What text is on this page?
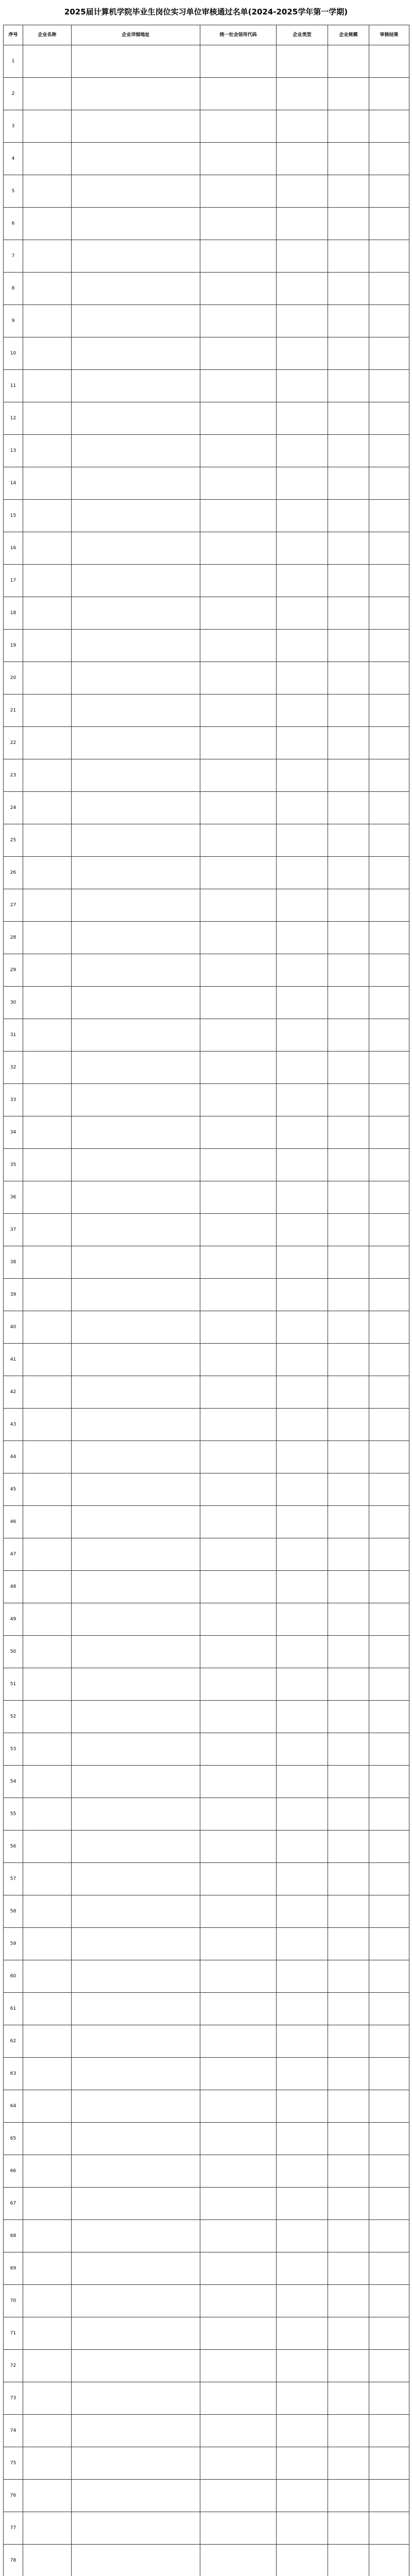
2025届计算机学院毕业生岗位实习单位审核通过名单(2024-2025学年第一学期)
序号	企业名称	企业详细地址	统一社会信用代码	企业类型	企业规模	审核结果
1						
2						
3						
4						
5						
6						
7						
8						
9						
10						
11						
12						
13						
14						
15						
16						
17						
18						
19						
20						
21						
22						
23						
24						
25						
26						
27						
28						
29						
30						
31						
32						
33						
34						
35						
36						
37						
38						
39						
40						
41						
42						
43						
44						
45						
46						
47						
48						
49						
50						
51						
52						
53						
54						
55						
56						
57						
58						
59						
60						
61						
62						
63						
64						
65						
66						
67						
68						
69						
70						
71						
72						
73						
74						
75						
76						
77						
78						
